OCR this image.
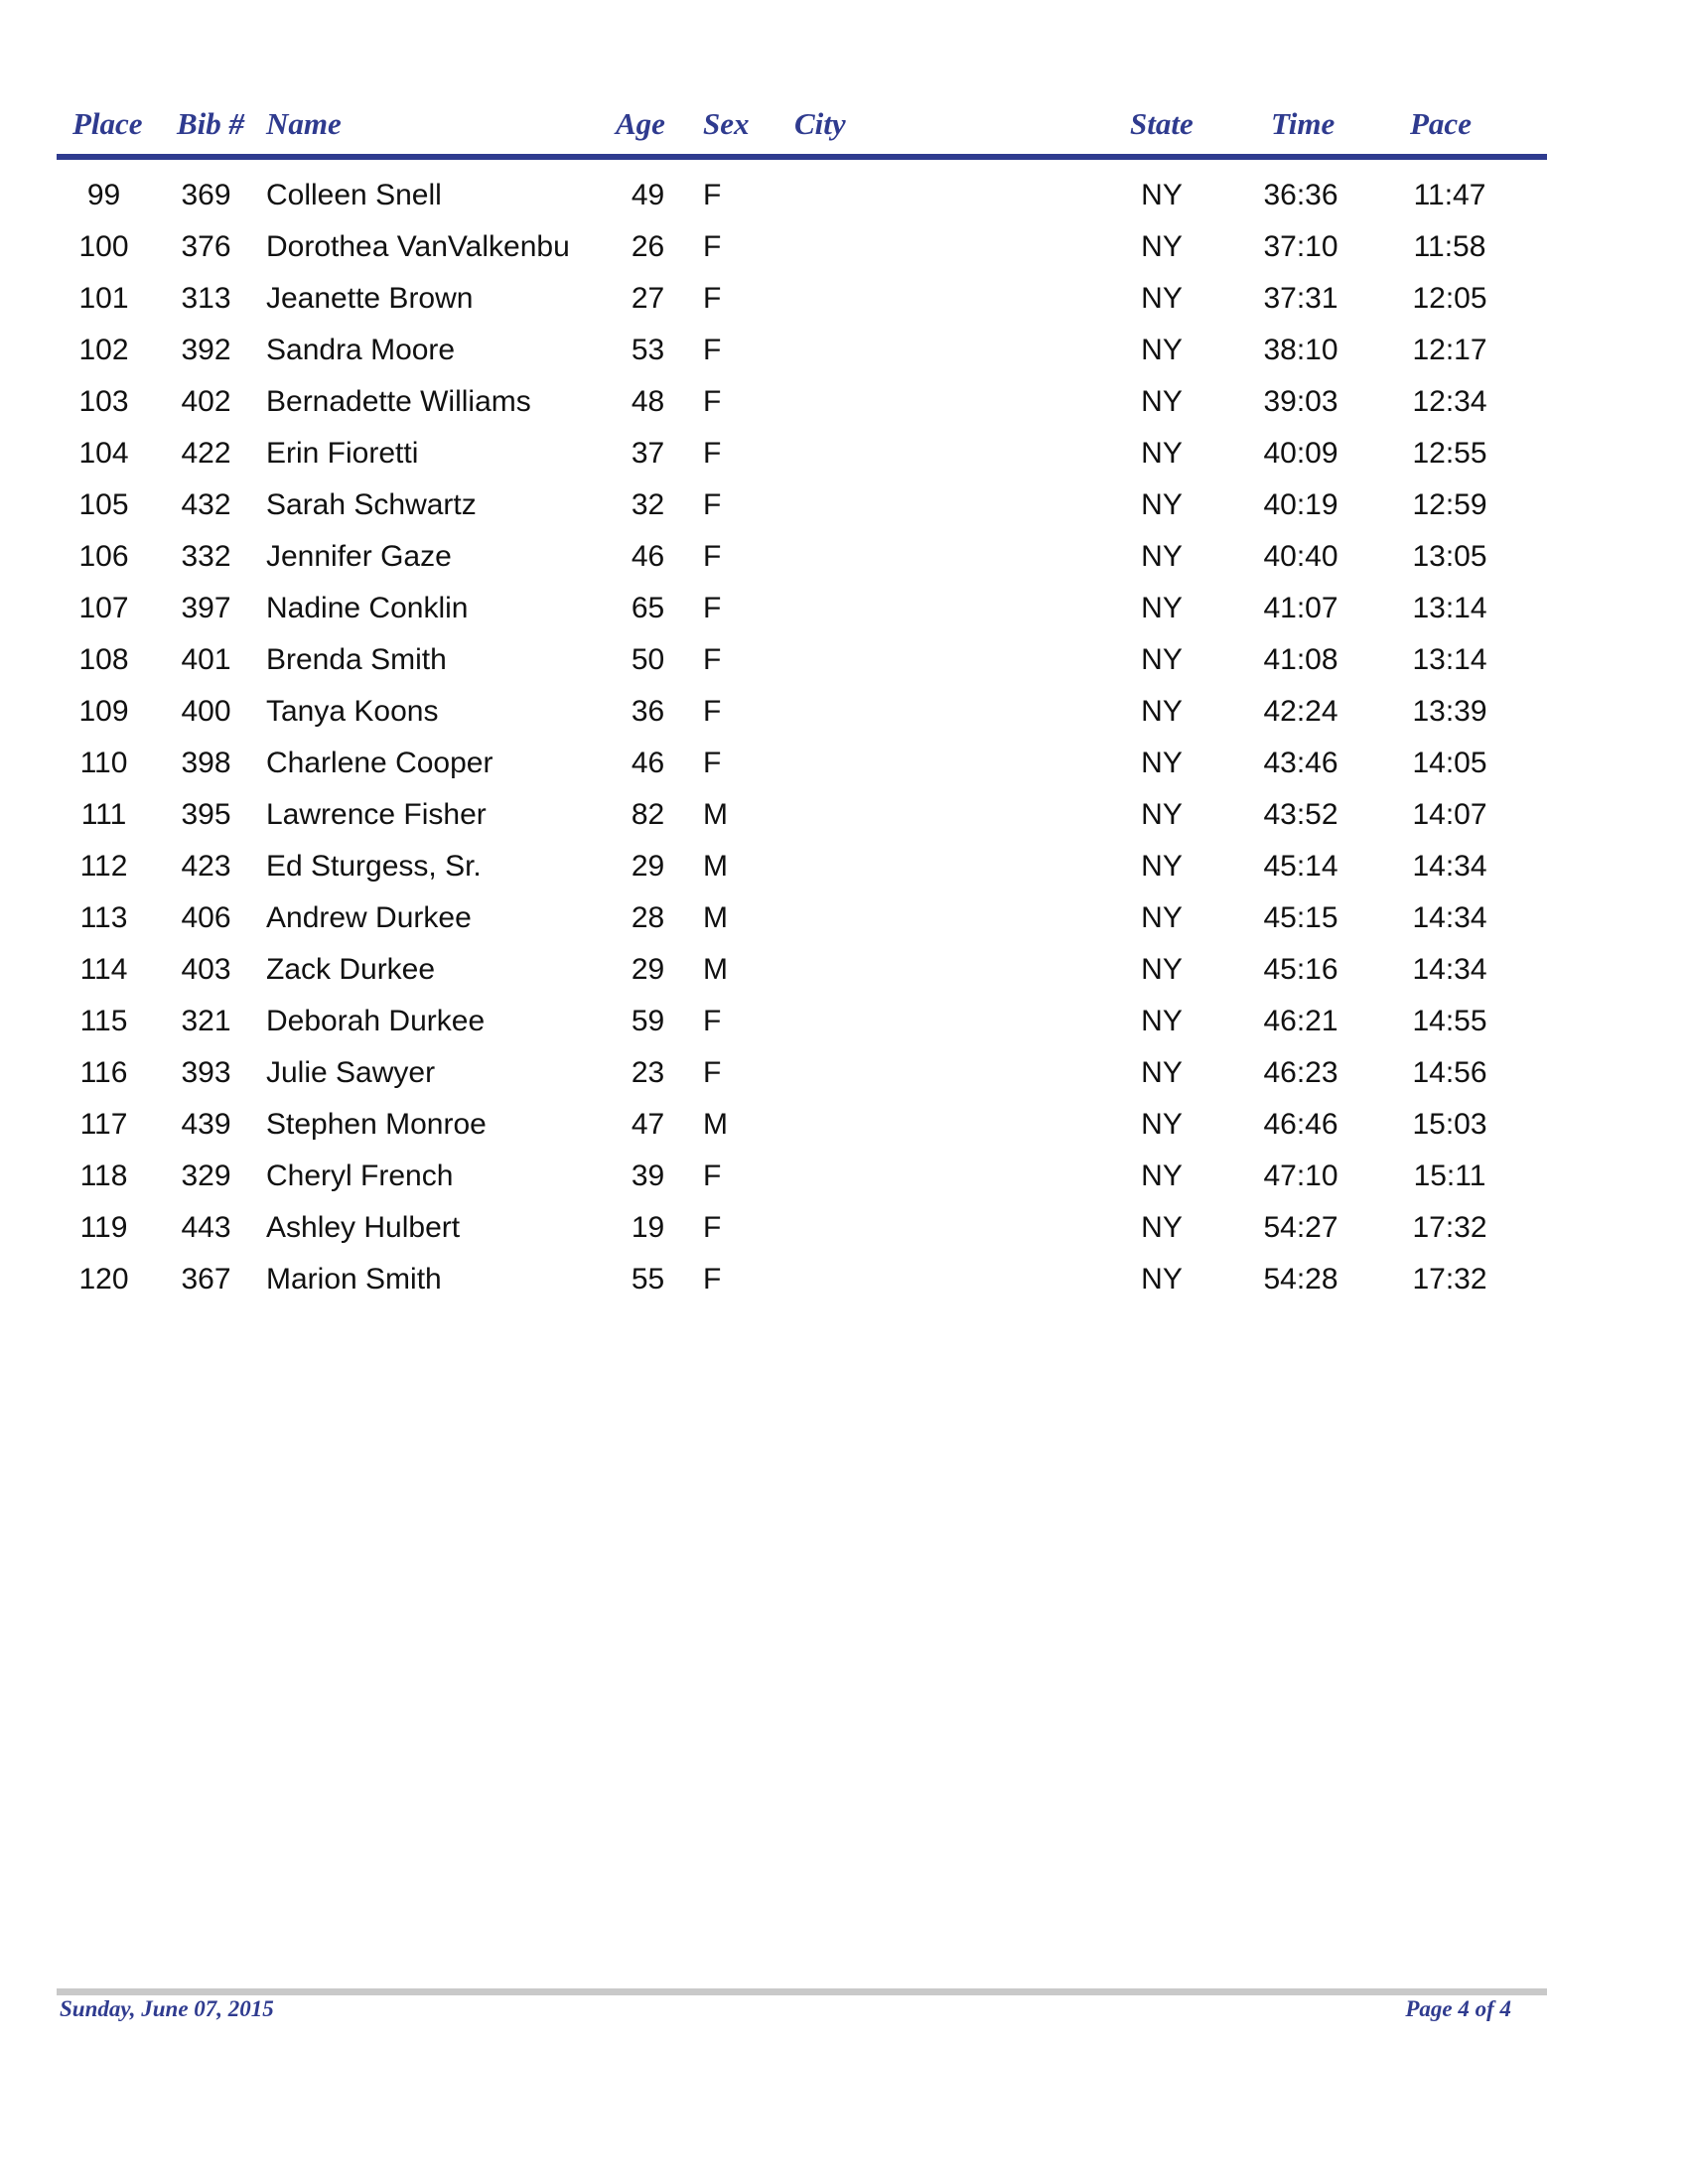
Place Bib # Name	Age Sex City	State	Time Pace
99	369	Colleen Snell	49 F	NY	36:36	11:47
100	376	Dorothea VanValkenbu 26 F	NY	37:10	11:58
101	313	Jeanette Brown	27 F	NY	37:31 12:05
102	392	Sandra Moore	53 F	NY	38:10 12:17
103	402	Bernadette Williams	48 F	NY	39:03 12:34
104	422	Erin Fioretti	37 F	NY	40:09 12:55
105	432	Sarah Schwartz	32 F	NY	40:19 12:59
106	332	Jennifer Gaze	46 F	NY	40:40 13:05
107	397	Nadine Conklin	65 F	NY	41:07 13:14
108	401	Brenda Smith	50 F	NY	41:08 13:14
109	400	Tanya Koons	36 F	NY	42:24 13:39
110	398	Charlene Cooper	46 F	NY	43:46 14:05
111	395	Lawrence Fisher	82 M	NY	43:52 14:07
112	423	Ed Sturgess, Sr.	29 M	NY	45:14 14:34
113	406	Andrew Durkee	28 M	NY	45:15 14:34
114	403	Zack Durkee	29 M	NY	45:16 14:34
115	321	Deborah Durkee	59 F	NY	46:21 14:55
116	393	Julie Sawyer	23 F	NY	46:23 14:56
117	439	Stephen Monroe	47 M	NY	46:46 15:03
118	329	Cheryl French	39 F	NY	47:10	15:11
119	443	Ashley Hulbert	19 F	NY	54:27 17:32
120	367	Marion Smith	55 F	NY	54:28 17:32
Sunday, June 07, 2015	Page 4 of 4
